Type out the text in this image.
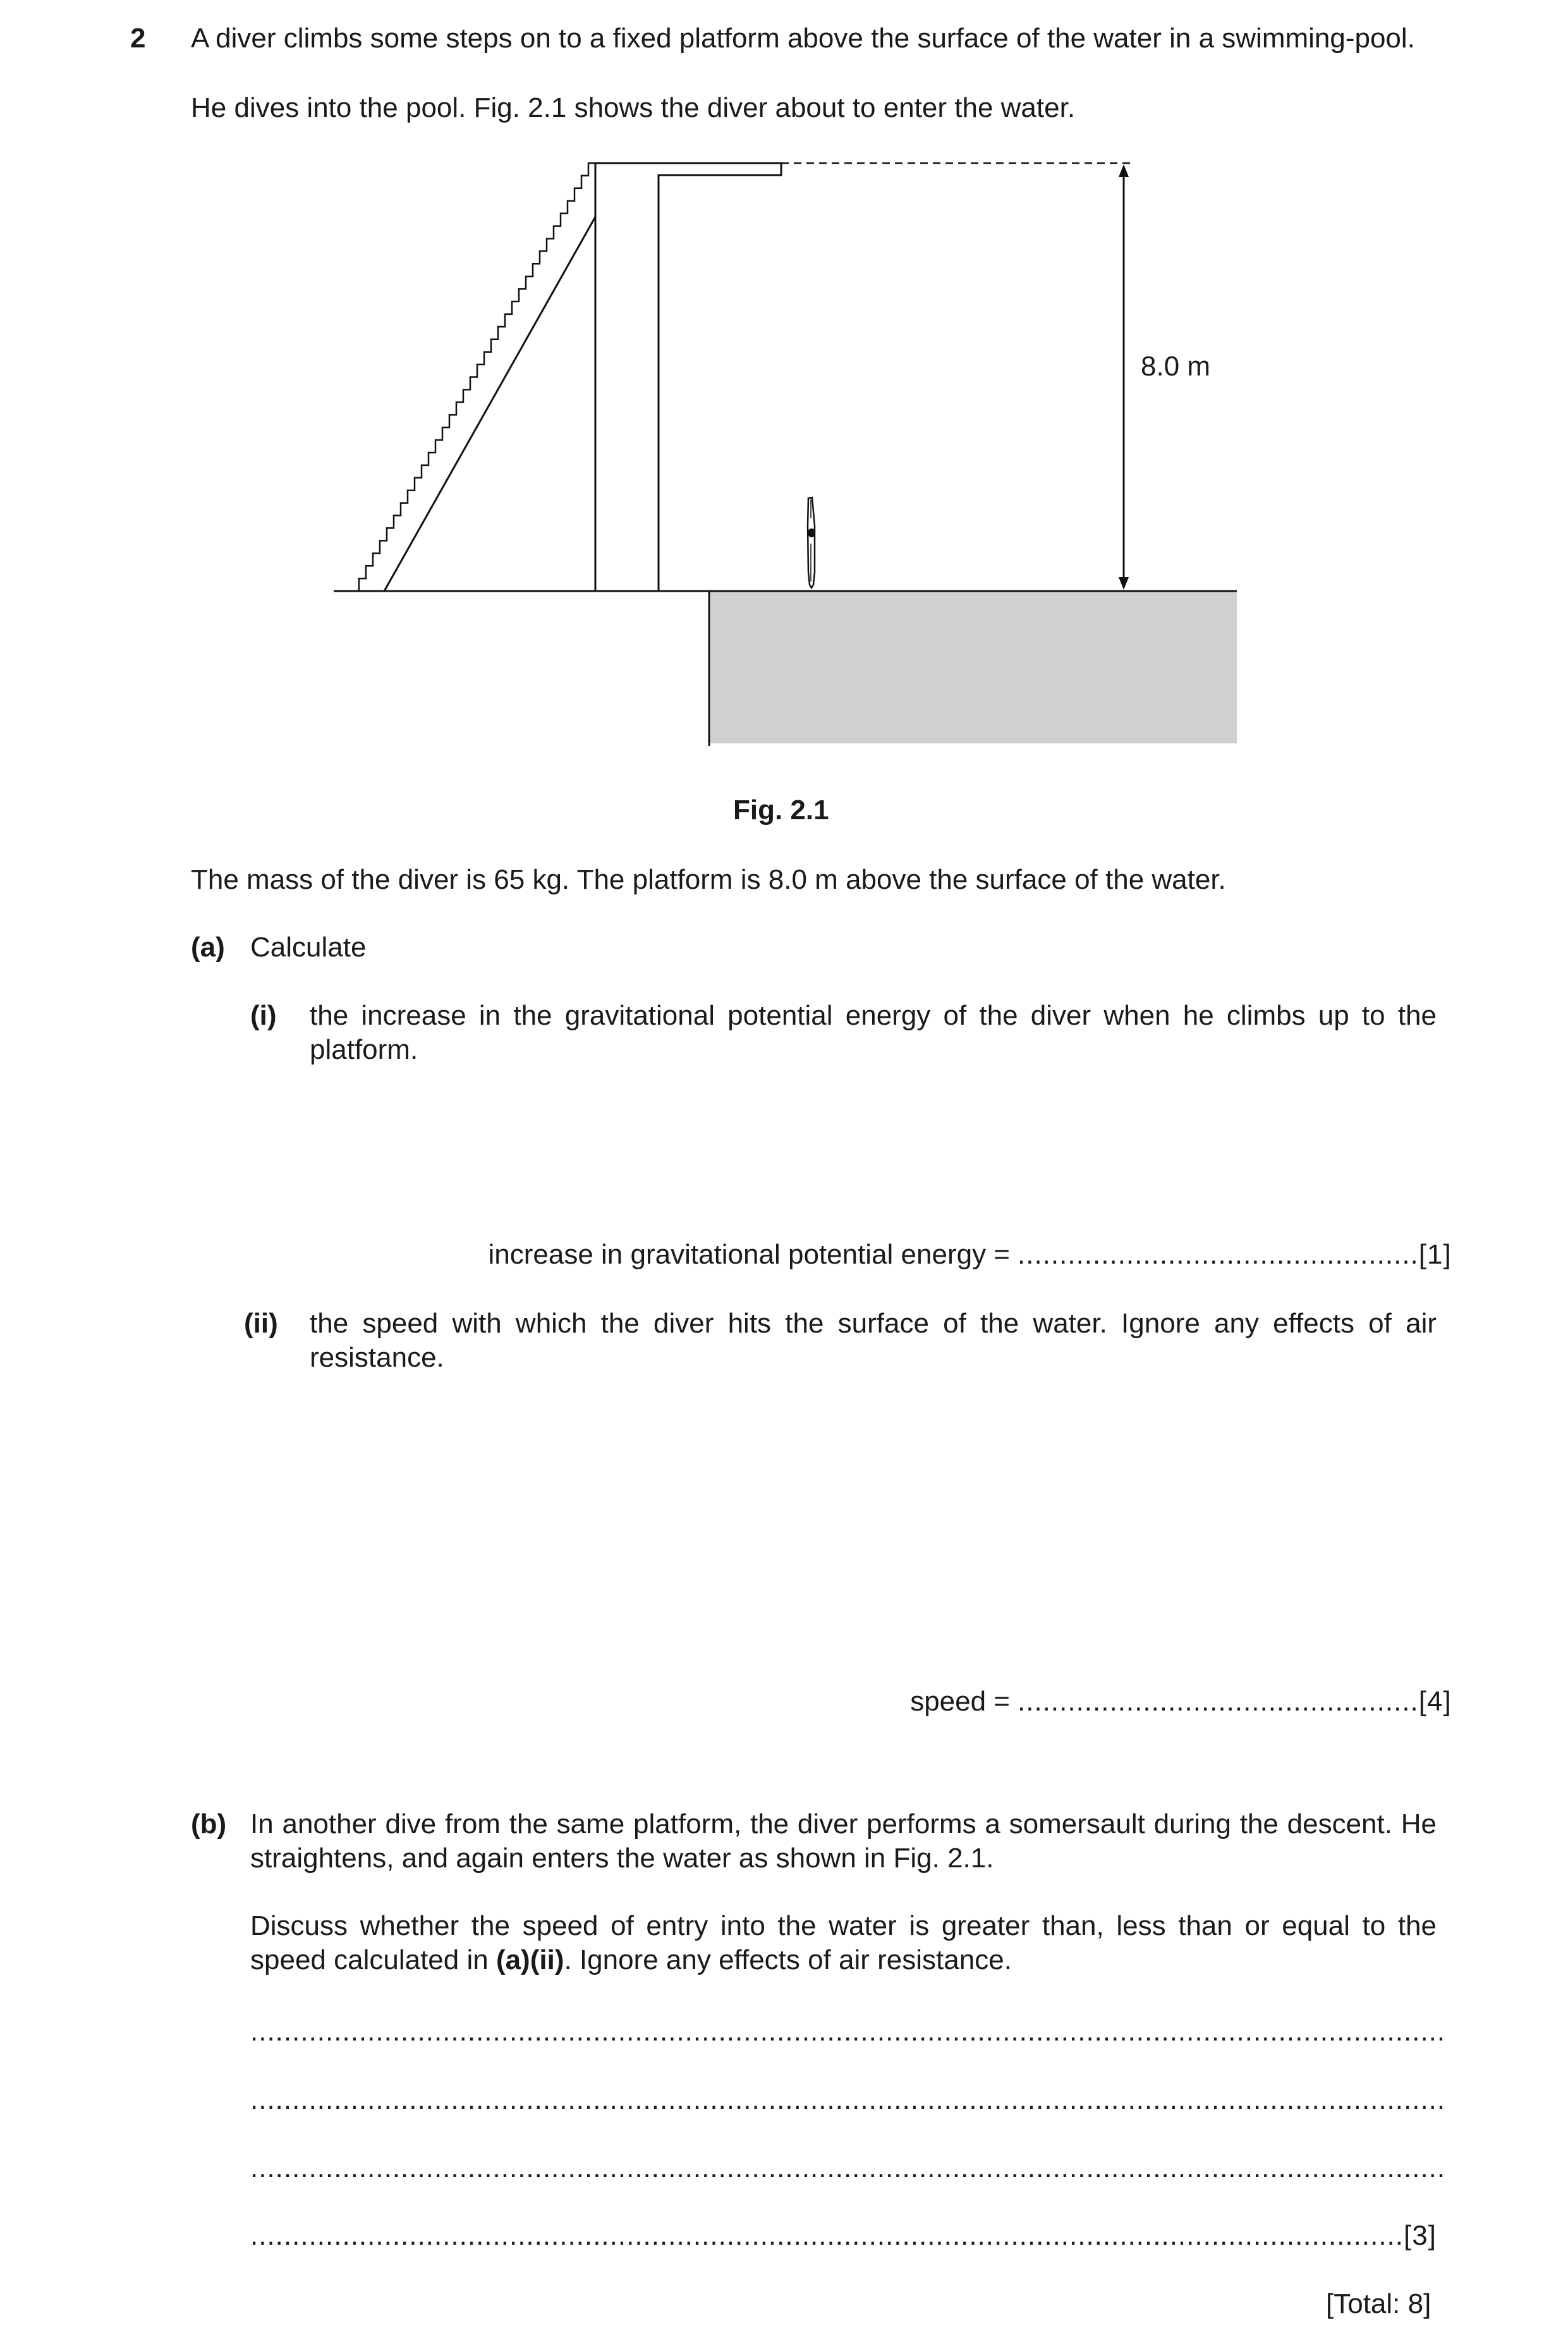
2 A diver climbs some steps on to a fixed platform above the surface of the water in a swimming-pool.
He dives into the pool. Fig. 2.1 shows the diver about to enter the water.
8.0 m
Fig. 2.1
The mass of the diver is 65 kg. The platform is 8.0 m above the surface of the water.
(a) Calculate
(i) the increase in the gravitational potential energy of the diver when he climbs up to the platform.
increase in gravitational potential energy = ................................................[1]
(ii) the speed with which the diver hits the surface of the water. Ignore any effects of air resistance.
speed = ................................................[4]
(b) In another dive from the same platform, the diver performs a somersault during the descent. He straightens, and again enters the water as shown in Fig. 2.1.
Discuss whether the speed of entry into the water is greater than, less than or equal to the speed calculated in (a)(ii). Ignore any effects of air resistance.
...............................................................................................................................................
...............................................................................................................................................
...............................................................................................................................................
..........................................................................................................................................[3]
[Total: 8]
